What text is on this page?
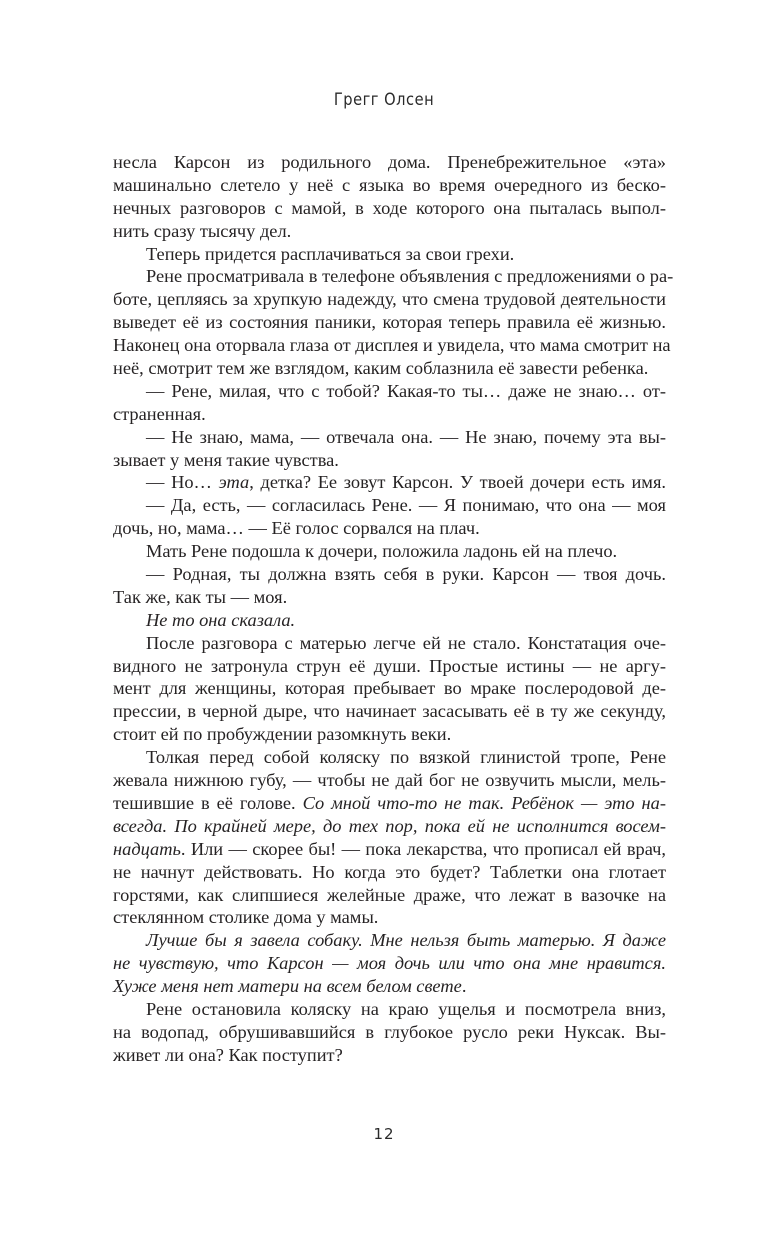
Грегг Олсен
несла Карсон из родильного дома. Пренебрежительное «эта»
машинально слетело у неё с языка во время очередного из беско-
нечных разговоров с мамой, в ходе которого она пыталась выпол-
нить сразу тысячу дел.
Теперь придется расплачиваться за свои грехи.
Рене просматривала в телефоне объявления с предложениями о ра-
боте, цепляясь за хрупкую надежду, что смена трудовой деятельности
выведет её из состояния паники, которая теперь правила её жизнью.
Наконец она оторвала глаза от дисплея и увидела, что мама смотрит на
неё, смотрит тем же взглядом, каким соблазнила её завести ребенка.
— Рене, милая, что с тобой? Какая-то ты… даже не знаю… от-
страненная.
— Не знаю, мама, — отвечала она. — Не знаю, почему эта вы-
зывает у меня такие чувства.
— Но… эта, детка? Ее зовут Карсон. У твоей дочери есть имя.
— Да, есть, — согласилась Рене. — Я понимаю, что она — моя
дочь, но, мама… — Её голос сорвался на плач.
Мать Рене подошла к дочери, положила ладонь ей на плечо.
— Родная, ты должна взять себя в руки. Карсон — твоя дочь.
Так же, как ты — моя.
Не то она сказала.
После разговора с матерью легче ей не стало. Констатация оче-
видного не затронула струн её души. Простые истины — не аргу-
мент для женщины, которая пребывает во мраке послеродовой де-
прессии, в черной дыре, что начинает засасывать её в ту же секунду,
стоит ей по пробуждении разомкнуть веки.
Толкая перед собой коляску по вязкой глинистой тропе, Рене
жевала нижнюю губу, — чтобы не дай бог не озвучить мысли, мель-
тешившие в её голове. Со мной что-то не так. Ребёнок — это на-
всегда. По крайней мере, до тех пор, пока ей не исполнится восем-
надцать. Или — скорее бы! — пока лекарства, что прописал ей врач,
не начнут действовать. Но когда это будет? Таблетки она глотает
горстями, как слипшиеся желейные драже, что лежат в вазочке на
стеклянном столике дома у мамы.
Лучше бы я завела собаку. Мне нельзя быть матерью. Я даже
не чувствую, что Карсон — моя дочь или что она мне нравится.
Хуже меня нет матери на всем белом свете.
Рене остановила коляску на краю ущелья и посмотрела вниз,
на водопад, обрушивавшийся в глубокое русло реки Нуксак. Вы-
живет ли она? Как поступит?
12
